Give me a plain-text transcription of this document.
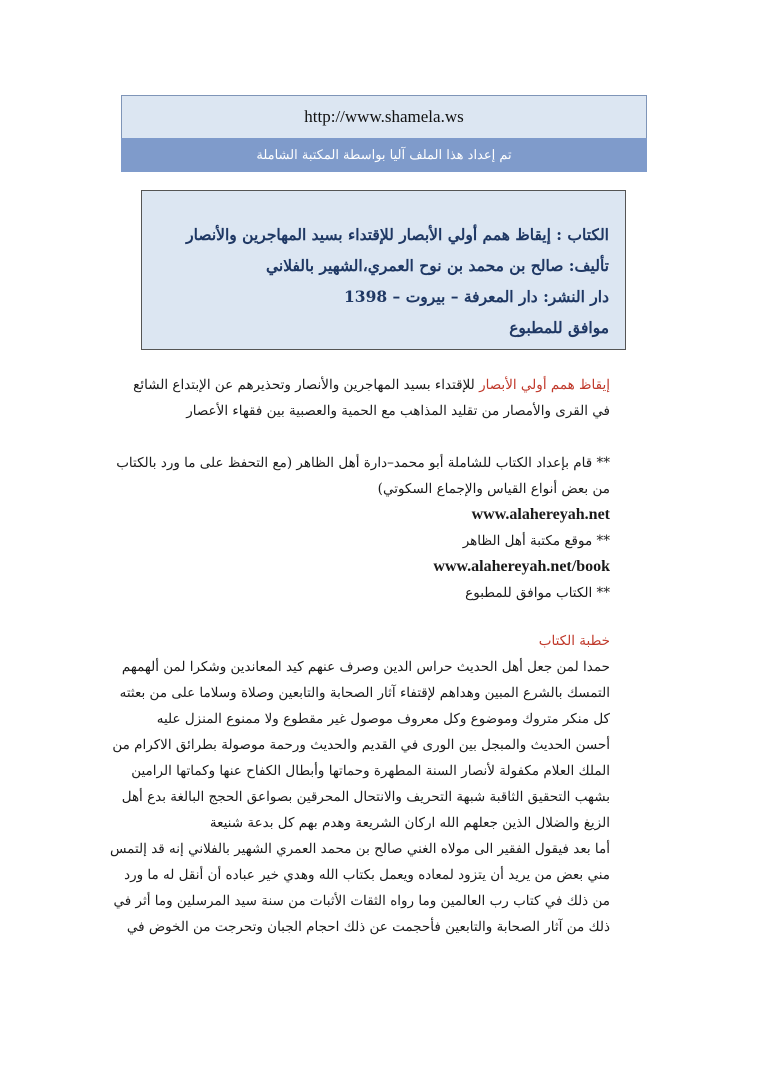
http://www.shamela.ws
تم إعداد هذا الملف آليا بواسطة المكتبة الشاملة
الكتاب : إيقاظ همم أولي الأبصار للإقتداء بسيد المهاجرين والأنصار
تأليف: صالح بن محمد بن نوح العمري،الشهير بالفلاني
دار النشر: دار المعرفة – بيروت – 1398
موافق للمطبوع

إيقاظ همم أولي الأبصار للإقتداء بسيد المهاجرين والأنصار وتحذيرهم عن الإبتداع الشائع

في القرى والأمصار من تقليد المذاهب مع الحمية والعصبية بين فقهاء الأعصار

** قام بإعداد الكتاب للشاملة أبو محمد–دارة أهل الظاهر (مع التحفظ على ما ورد بالكتاب

من بعض أنواع القياس والإجماع السكوتي)

www.alahereyah.net

** موقع مكتبة أهل الظاهر

www.alahereyah.net/book

** الكتاب موافق للمطبوع

خطبة الكتاب

حمدا لمن جعل أهل الحديث حراس الدين وصرف عنهم كيد المعاندين وشكرا لمن ألهمهم

التمسك بالشرع المبين وهداهم لإقتفاء آثار الصحابة والتابعين وصلاة وسلاما على من بعثته

كل منكر متروك وموضوع وكل معروف موصول غير مقطوع ولا ممنوع المنزل عليه

أحسن الحديث والمبجل بين الورى في القديم والحديث ورحمة موصولة بطرائق الاكرام من

الملك العلام مكفولة لأنصار السنة المطهرة وحماتها وأبطال الكفاح عنها وكماتها الرامين

بشهب التحقيق الثاقبة شبهة التحريف والانتحال المحرقين بصواعق الحجج البالغة بدع أهل

الزيغ والضلال الذين جعلهم الله اركان الشريعة وهدم بهم كل بدعة شنيعة

أما بعد فيقول الفقير الى مولاه الغني صالح بن محمد العمري الشهير بالفلاني إنه قد إلتمس

مني بعض من يريد أن يتزود لمعاده ويعمل بكتاب الله وهدي خير عباده أن أنقل له ما ورد

من ذلك في كتاب رب العالمين وما رواه الثقات الأثبات من سنة سيد المرسلين وما أثر في

ذلك من آثار الصحابة والتابعين فأحجمت عن ذلك احجام الجبان وتحرجت من الخوض في
